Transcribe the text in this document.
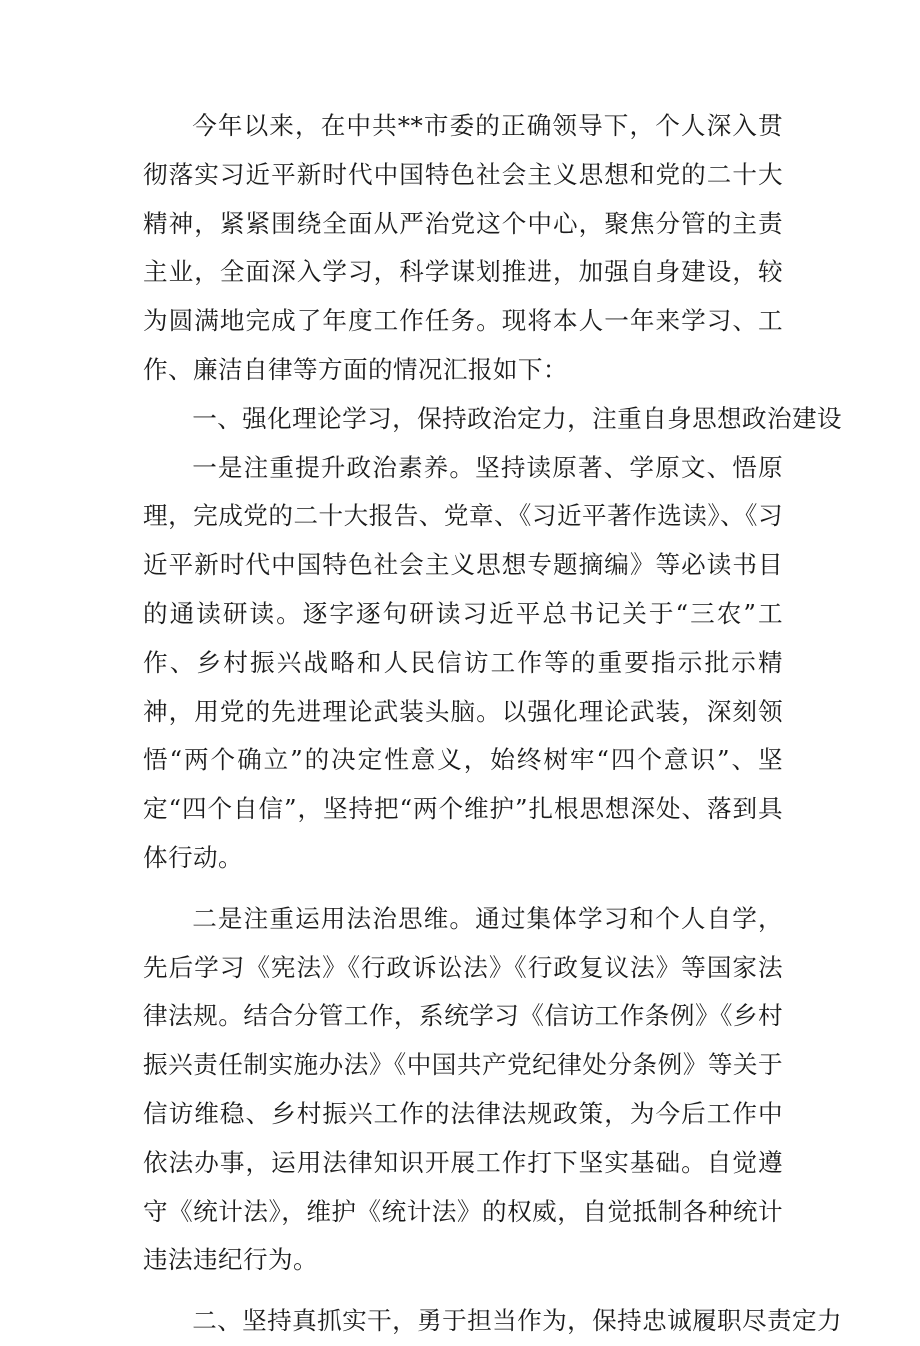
今年以来，在中共**市委的正确领导下，个人深入贯彻落实习近平新时代中国特色社会主义思想和党的二十大精神，紧紧围绕全面从严治党这个中心，聚焦分管的主责主业，全面深入学习，科学谋划推进，加强自身建设，较为圆满地完成了年度工作任务。现将本人一年来学习、工作、廉洁自律等方面的情况汇报如下：

一、强化理论学习，保持政治定力，注重自身思想政治建设

一是注重提升政治素养。坚持读原著、学原文、悟原理，完成党的二十大报告、党章、《习近平著作选读》、《习近平新时代中国特色社会主义思想专题摘编》等必读书目的通读研读。逐字逐句研读习近平总书记关于“三农”工作、乡村振兴战略和人民信访工作等的重要指示批示精神，用党的先进理论武装头脑。以强化理论武装，深刻领悟“两个确立”的决定性意义，始终树牢“四个意识”、坚定“四个自信”，坚持把“两个维护”扎根思想深处、落到具体行动。

二是注重运用法治思维。通过集体学习和个人自学，先后学习《宪法》《行政诉讼法》《行政复议法》等国家法律法规。结合分管工作，系统学习《信访工作条例》《乡村振兴责任制实施办法》《中国共产党纪律处分条例》等关于信访维稳、乡村振兴工作的法律法规政策，为今后工作中依法办事，运用法律知识开展工作打下坚实基础。自觉遵守《统计法》，维护《统计法》的权威，自觉抵制各种统计违法违纪行为。

二、坚持真抓实干，勇于担当作为，保持忠诚履职尽责定力
